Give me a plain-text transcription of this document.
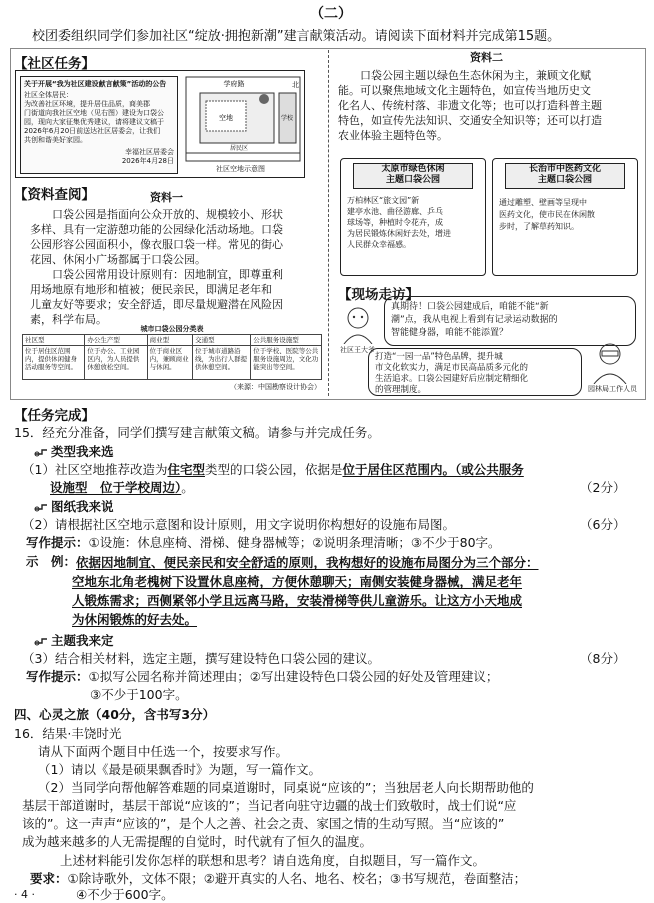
（二）
校团委组织同学们参加社区“绽放·拥抱新潮”建言献策活动。请阅读下面材料并完成第15题。
【社区任务】
关于开展“我为社区建设献言献策”活动的公告
社区全体居民：
为改善社区环境，提升居住品质，商美郡
门街道向我社区空地（见右图）建设为口袋公
园，现向大家征集优秀建议，请将建议文稿于
2026年6月20日前送达社区居委会，让我们
共创和谐美好家园。
幸福社区居委会
2026年4月28日
学府路
空地	学校
居民区
北
社区空地示意图
【资料查阅】	资料一
口袋公园是指面向公众开放的、规模较小、形状
多样、具有一定游憩功能的公园绿化活动场地。口袋
公园形容公园面积小，像衣服口袋一样。常见的街心
花园、休闲小广场都属于口袋公园。
口袋公园常用设计原则有：因地制宜，即尊重利
用场地原有地形和植被；便民亲民，即满足老年和
儿童友好等要求；安全舒适，即尽量规避潜在风险因
素，科学布局。
城市口袋公园分类表
社区型	办公生产型	商业型	交通型	公共服务设施型
位于居住区范围内，提供休闲健身活动服务等空间。	位于办公、工业园区内，为人员提供休憩放松空间。	位于商业区内，兼顾商业与休闲。	位于城市道路沿线，为出行人群提供休憩空间。	位于学校、医院等公共服务设施周边，文化功能突出等空间。
（来源：中国勘察设计协会）
资料二
口袋公园主题以绿色生态休闲为主，兼顾文化赋
能。可以聚焦地域文化主题特色，如宣传当地历史文
化名人、传统村落、非遗文化等；也可以打造科普主题
特色，如宣传先法知识、交通安全知识等；还可以打造
农业体验主题特色等。
太原市绿色休闲
主题口袋公园
万柏林区“旅文园”新
建亭水池、曲径游廊、乒乓
球场等，种植时令花卉，成
为居民锻炼休闲好去处，增进
人民群众幸福感。
长治市中医药文化
主题口袋公园
通过雕塑、壁画等呈现中
医药文化，使市民在休闲散
步时，了解草药知识。
【现场走访】
社区王大爷
真期待！口袋公园建成后，咱能不能“新
潮”点，我从电视上看到有记录运动数据的
智能健身器，咱能不能添置？
打造“一园一品”特色品牌，提升城
市文化软实力，满足市民高品质多元化的
生活追求。口袋公园建好后应制定精细化
的管理制度。	园林局工作人员
【任务完成】
15．经充分准备，同学们撰写建言献策文稿。请参与并完成任务。
类型我来选
（1）社区空地推荐改造为住宅型类型的口袋公园，依据是位于居住区范围内。（或公共服务
设施型　位于学校周边）。	（2分）
图纸我来说
（2）请根据社区空地示意图和设计原则，用文字说明你构想好的设施布局图。	（6分）
写作提示：①设施：休息座椅、滑梯、健身器械等；②说明条理清晰；③不少于80字。
示　例： 依据因地制宜、便民亲民和安全舒适的原则，我构想好的设施布局图分为三个部分：
空地东北角老槐树下设置休息座椅，方便休憩聊天；南侧安装健身器械，满足老年
人锻炼需求；西侧紧邻小学且远离马路，安装滑梯等供儿童游乐。让这方小天地成
为休闲锻炼的好去处。
主题我来定
（3）结合相关材料，选定主题，撰写建设特色口袋公园的建议。	（8分）
写作提示：①拟写公园名称并简述理由；②写出建设特色口袋公园的好处及管理建议；
③不少于100字。
四、心灵之旅（40分，含书写3分）
16．结果·丰饶时光
请从下面两个题目中任选一个，按要求写作。
（1）请以《最是硕果飘香时》为题，写一篇作文。
（2）当同学向帮他解答难题的同桌道谢时，同桌说“应该的”；当独居老人向长期帮助他的
基层干部道谢时，基层干部说“应该的”；当记者向驻守边疆的战士们致敬时，战士们说“应
该的”。这一声声“应该的”，是个人之善、社会之责、家国之情的生动写照。当“应该的”
成为越来越多的人无需提醒的自觉时，时代就有了恒久的温度。
上述材料能引发你怎样的联想和思考？请自选角度，自拟题目，写一篇作文。
要求：①除诗歌外，文体不限；②避开真实的人名、地名、校名；③书写规范，卷面整洁；
④不少于600字。
· 4 ·
